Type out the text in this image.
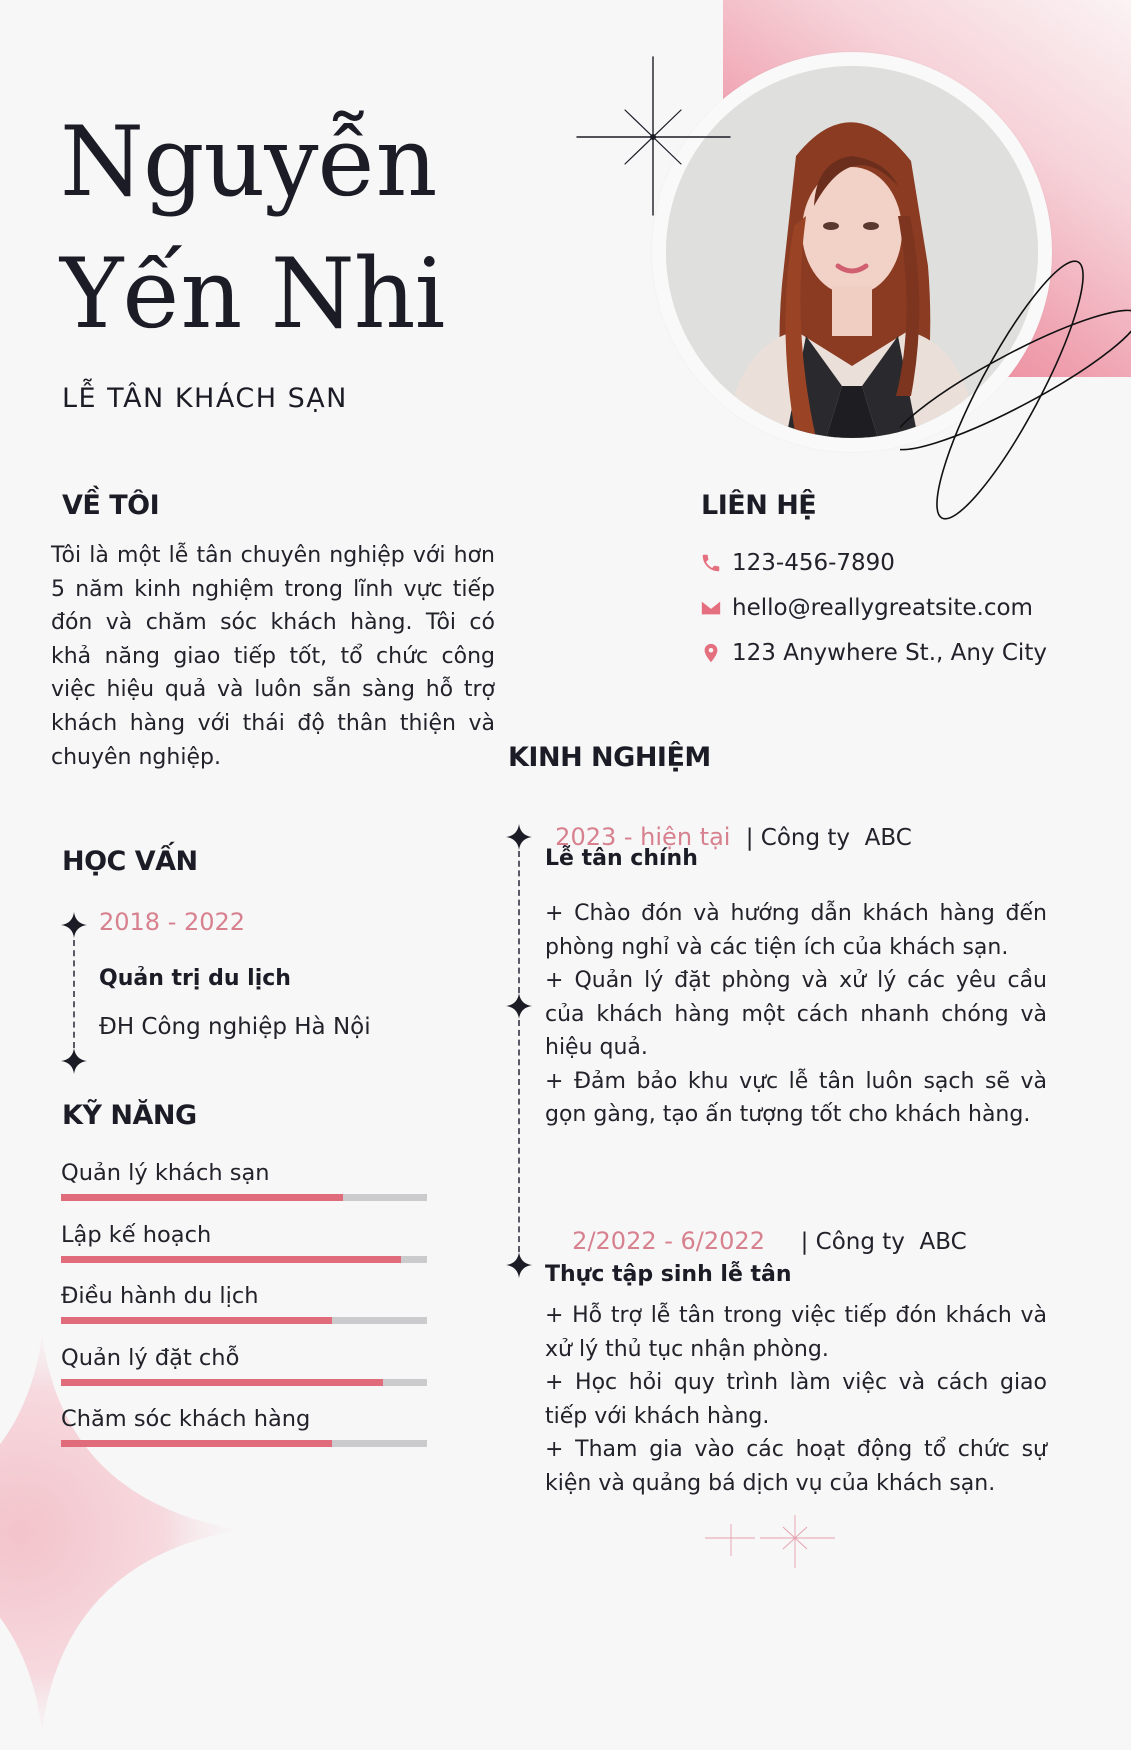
Nguyễn
Yến Nhi
LỄ TÂN KHÁCH SẠN
VỀ TÔI
Tôi là một lễ tân chuyên nghiệp với hơn 5 năm kinh nghiệm trong lĩnh vực tiếp đón và chăm sóc khách hàng. Tôi có khả năng giao tiếp tốt, tổ chức công việc hiệu quả và luôn sẵn sàng hỗ trợ khách hàng với thái độ thân thiện và chuyên nghiệp.
LIÊN HỆ
123-456-7890
hello@reallygreatsite.com
123 Anywhere St., Any City
HỌC VẤN
2018 - 2022
Quản trị du lịch
ĐH Công nghiệp Hà Nội
KỸ NĂNG
Quản lý khách sạn
Lập kế hoạch
Điều hành du lịch
Quản lý đặt chỗ
Chăm sóc khách hàng
KINH NGHIỆM

2023 - hiện tại | Công ty  ABC

Lễ tân chính
+ Chào đón và hướng dẫn khách hàng đến phòng nghỉ và các tiện ích của khách sạn.
+ Quản lý đặt phòng và xử lý các yêu cầu của khách hàng một cách nhanh chóng và hiệu quả.
+ Đảm bảo khu vực lễ tân luôn sạch sẽ và gọn gàng, tạo ấn tượng tốt cho khách hàng.

2/2022 - 6/2022 | Công ty  ABC

Thực tập sinh lễ tân
+ Hỗ trợ lễ tân trong việc tiếp đón khách và xử lý thủ tục nhận phòng.
+ Học hỏi quy trình làm việc và cách giao tiếp với khách hàng.
+ Tham gia vào các hoạt động tổ chức sự kiện và quảng bá dịch vụ của khách sạn.
